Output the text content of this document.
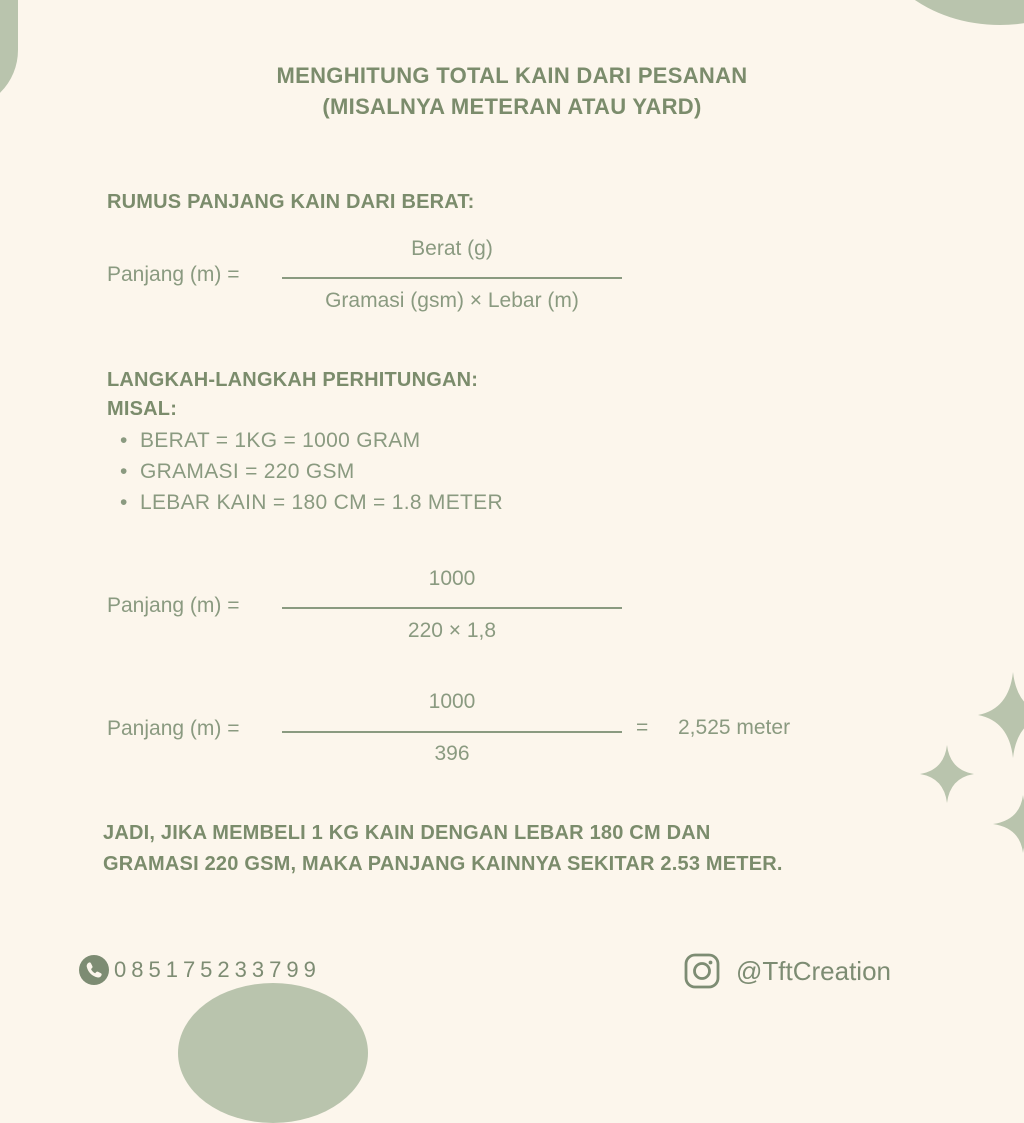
MENGHITUNG TOTAL KAIN DARI PESANAN
(MISALNYA METERAN ATAU YARD)
RUMUS PANJANG KAIN DARI BERAT:
Panjang (m) =
Berat (g)
Gramasi (gsm) × Lebar (m)
LANGKAH-LANGKAH PERHITUNGAN:
MISAL:
• BERAT = 1KG = 1000 GRAM
• GRAMASI = 220 GSM
• LEBAR KAIN = 180 CM = 1.8 METER
Panjang (m) =
1000
220 × 1,8
Panjang (m) =
1000
396
= 2,525 meter
JADI, JIKA MEMBELI 1 KG KAIN DENGAN LEBAR 180 CM DAN
GRAMASI 220 GSM, MAKA PANJANG KAINNYA SEKITAR 2.53 METER.
085175233799	@TftCreation
